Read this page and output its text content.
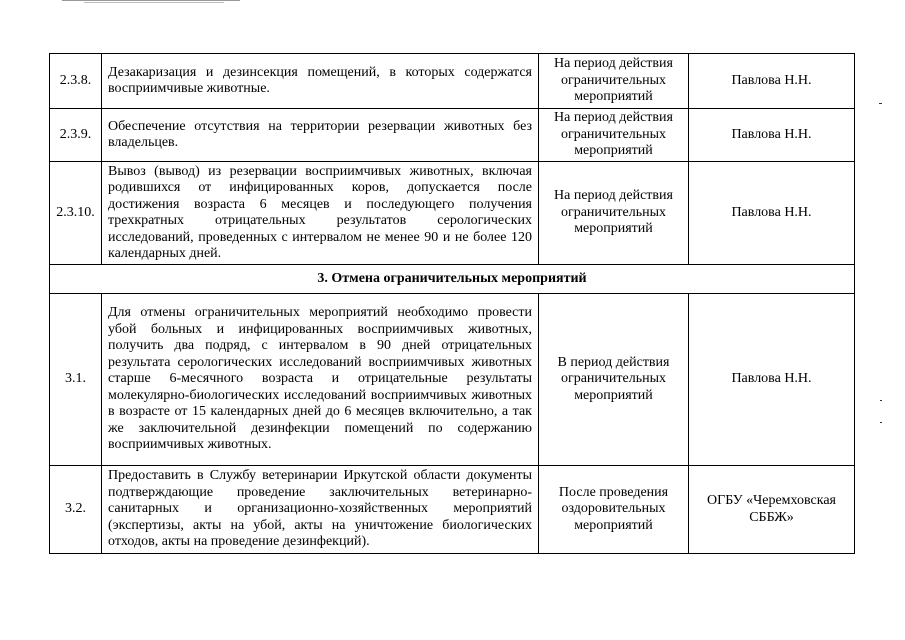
2.3.8.	Дезакаризация и дезинсекция помещений, в которых содержатся восприимчивые животные.	На период действия ограничительных мероприятий	Павлова Н.Н.
2.3.9.	Обеспечение отсутствия на территории резервации животных без владельцев.	На период действия ограничительных мероприятий	Павлова Н.Н.
2.3.10.	Вывоз (вывод) из резервации восприимчивых животных, включая родившихся от инфицированных коров, допускается после достижения возраста 6 месяцев и последующего получения трехкратных отрицательных результатов серологических исследований, проведенных с интервалом не менее 90 и не более 120 календарных дней.	На период действия ограничительных мероприятий	Павлова Н.Н.
3. Отмена ограничительных мероприятий			
3.1.	Для отмены ограничительных мероприятий необходимо провести убой больных и инфицированных восприимчивых животных, получить два подряд, с интервалом в 90 дней отрицательных результата серологических исследований восприимчивых животных старше 6-месячного возраста и отрицательные результаты молекулярно-биологических исследований восприимчивых животных в возрасте от 15 календарных дней до 6 месяцев включительно, а так же заключительной дезинфекции помещений по содержанию восприимчивых животных.	В период действия ограничительных мероприятий	Павлова Н.Н.
3.2.	Предоставить в Службу ветеринарии Иркутской области документы подтверждающие проведение заключительных ветеринарно-санитарных и организационно-хозяйственных мероприятий (экспертизы, акты на убой, акты на уничтожение биологических отходов, акты на проведение дезинфекций).	После проведения оздоровительных мероприятий	ОГБУ «Черемховская СББЖ»
